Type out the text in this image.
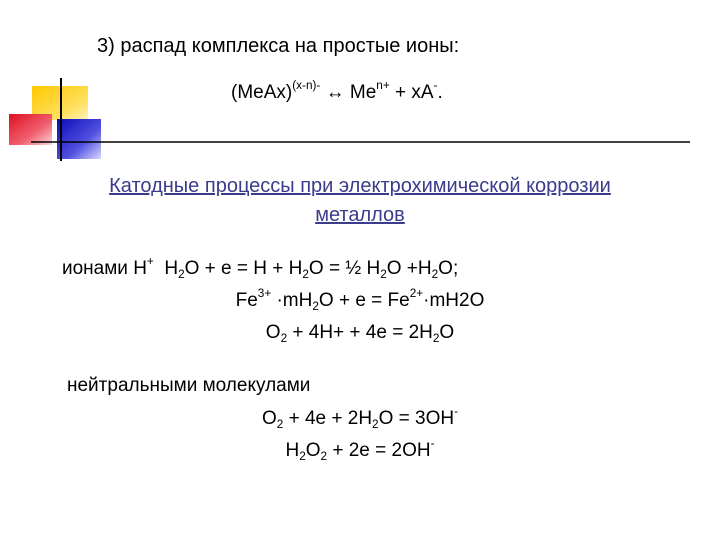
3) распад комплекса на простые ионы:
(MeAx)$^{(x-n)-}$ ↔ $Me^{n+} + xA^-$.
Катодные процессы при электрохимической коррозии
металлов
ионами H+  $H_2O + e = H + H_2O$ = ½ $H_2O +H_2O$;
$Fe^{3+} \cdot mH_2O + e = Fe^{2+}\cdot mH2O$
$O_2 + 4H+ + 4e = 2H_2O$
нейтральными молекулами
$O_2 + 4e + 2H_2O = 3OH^-$
$H_2O_2 + 2e = 2OH^-$
